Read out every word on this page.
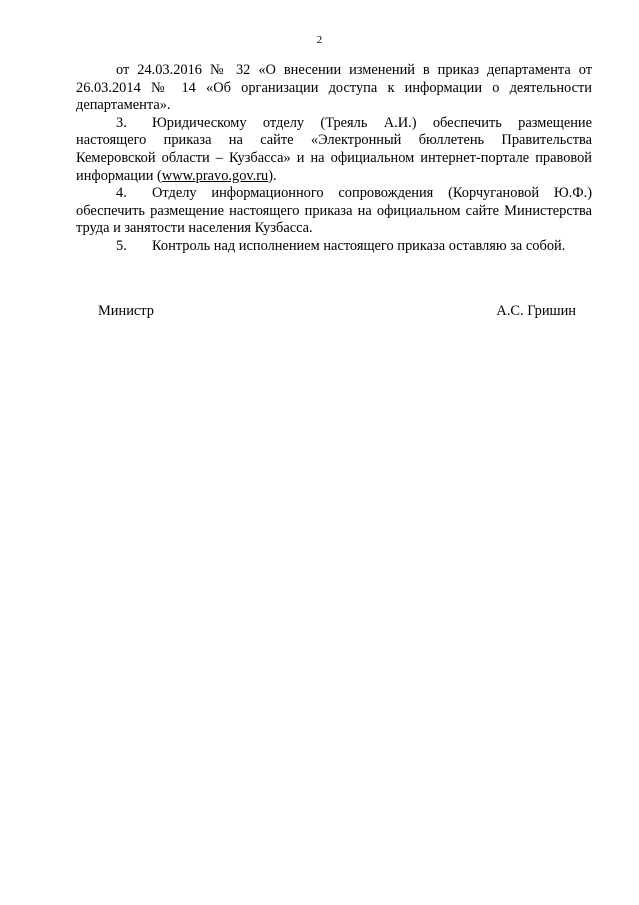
2

от 24.03.2016 № 32 «О внесении изменений в приказ департамента от 26.03.2014 № 14 «Об организации доступа к информации о деятельности департамента».

3. Юридическому отделу (Треяль А.И.) обеспечить размещение настоящего приказа на сайте «Электронный бюллетень Правительства Кемеровской области – Кузбасса» и на официальном интернет-портале правовой информации (www.pravo.gov.ru).

4. Отделу информационного сопровождения (Корчугановой Ю.Ф.) обеспечить размещение настоящего приказа на официальном сайте Министерства труда и занятости населения Кузбасса.

5. Контроль над исполнением настоящего приказа оставляю за собой.

Министр	А.С. Гришин
